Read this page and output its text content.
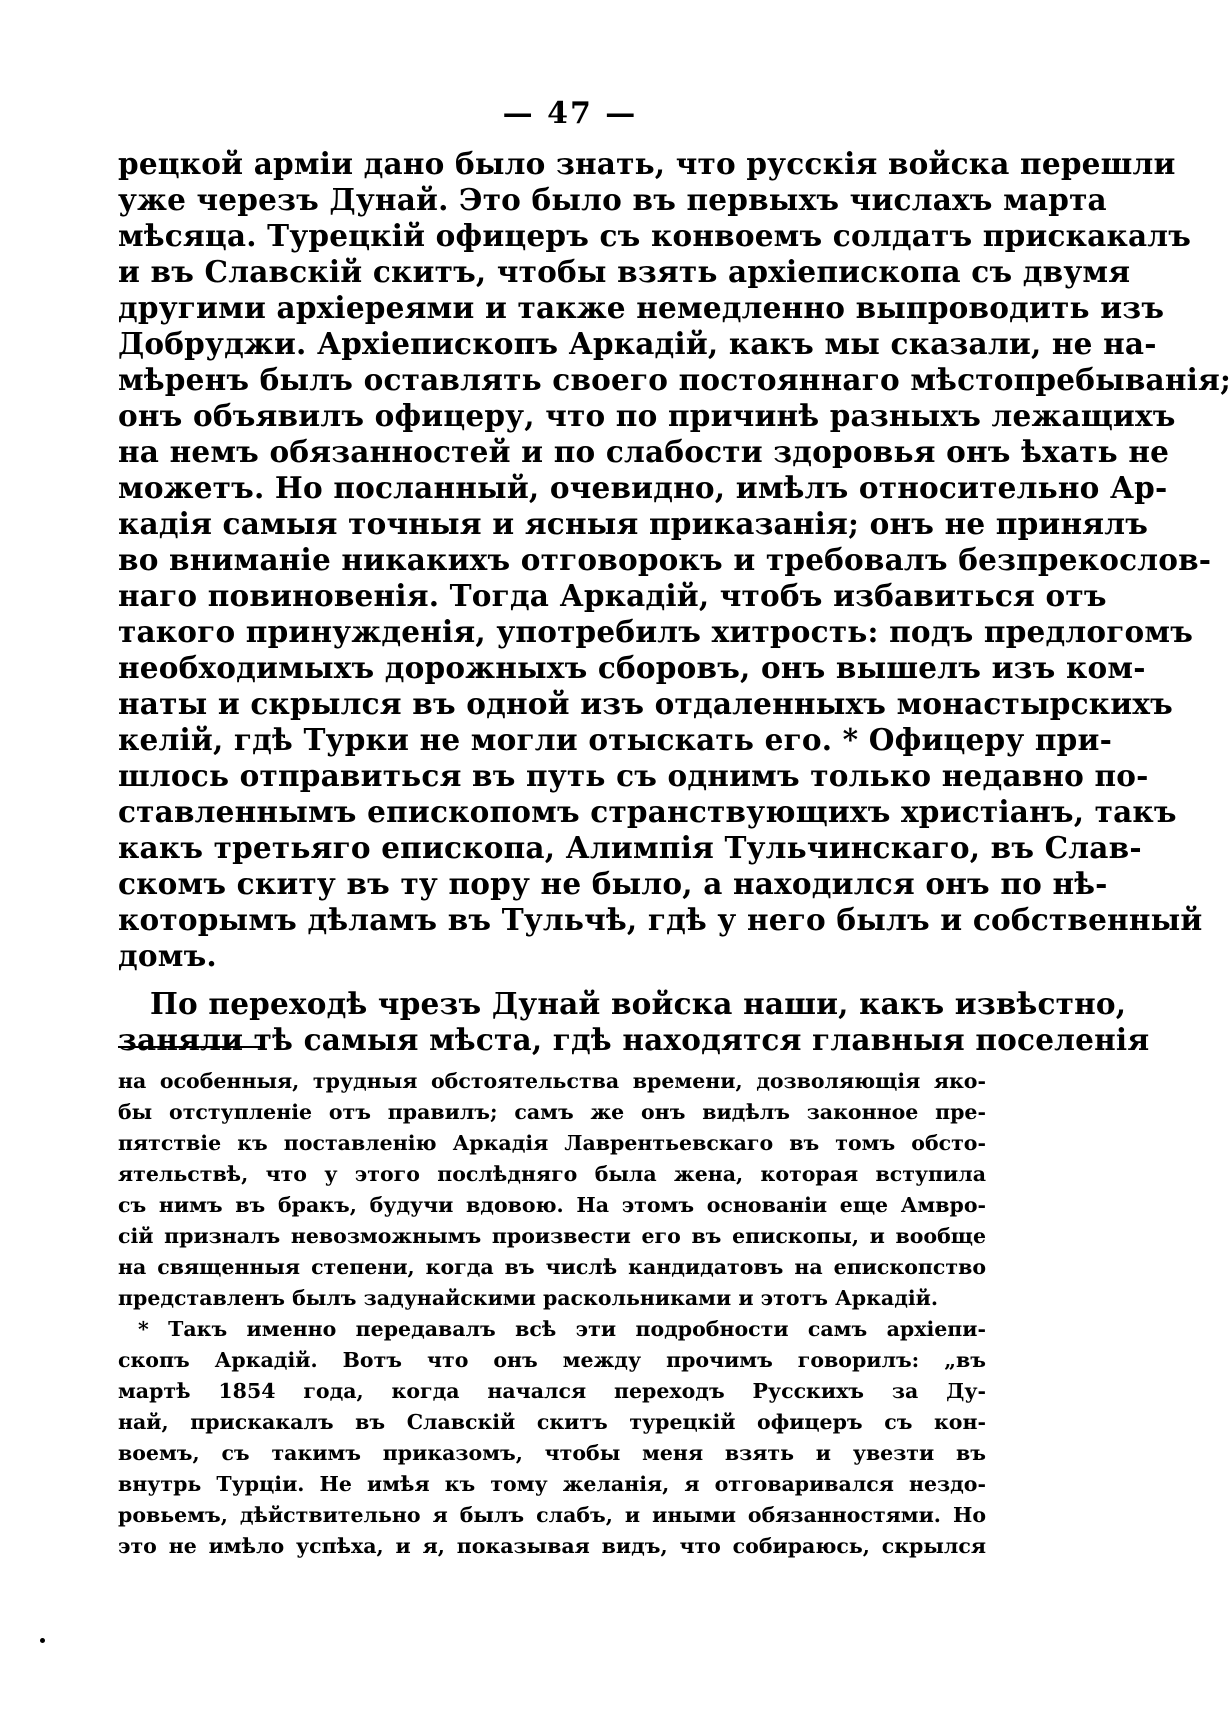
— 47 —
рецкой арміи дано было знать, что русскія войска перешли
уже черезъ Дунай. Это было въ первыхъ числахъ марта
мѣсяца. Турецкій офицеръ съ конвоемъ солдатъ прискакалъ
и въ Славскій скитъ, чтобы взять архіепископа съ двумя
другими архіереями и также немедленно выпроводить изъ
Добруджи. Архіепископъ Аркадій, какъ мы сказали, не на-
мѣренъ былъ оставлять своего постояннаго мѣстопребыванія;
онъ объявилъ офицеру, что по причинѣ разныхъ лежащихъ
на немъ обязанностей и по слабости здоровья онъ ѣхать не
можетъ. Но посланный, очевидно, имѣлъ относительно Ар-
кадія самыя точныя и ясныя приказанія; онъ не принялъ
во вниманіе никакихъ отговорокъ и требовалъ безпрекослов-
наго повиновенія. Тогда Аркадій, чтобъ избавиться отъ
такого принужденія, употребилъ хитрость: подъ предлогомъ
необходимыхъ дорожныхъ сборовъ, онъ вышелъ изъ ком-
наты и скрылся въ одной изъ отдаленныхъ монастырскихъ
келій, гдѣ Турки не могли отыскать его. * Офицеру при-
шлось отправиться въ путь съ однимъ только недавно по-
ставленнымъ епископомъ странствующихъ христіанъ, такъ
какъ третьяго епископа, Алимпія Тульчинскаго, въ Слав-
скомъ скиту въ ту пору не было, а находился онъ по нѣ-
которымъ дѣламъ въ Тульчѣ, гдѣ у него былъ и собственный
домъ.
По переходѣ чрезъ Дунай войска наши, какъ извѣстно,
заняли тѣ самыя мѣста, гдѣ находятся главныя поселенія
на особенныя, трудныя обстоятельства времени, дозволяющія яко-
бы отступленіе отъ правилъ; самъ же онъ видѣлъ законное пре-
пятствіе къ поставленію Аркадія Лаврентьевскаго въ томъ обсто-
ятельствѣ, что у этого послѣдняго была жена, которая вступила
съ нимъ въ бракъ, будучи вдовою. На этомъ основаніи еще Амвро-
сій призналъ невозможнымъ произвести его въ епископы, и вообще
на священныя степени, когда въ числѣ кандидатовъ на епископство
представленъ былъ задунайскими раскольниками и этотъ Аркадій.
* Такъ именно передавалъ всѣ эти подробности самъ архіепи-
скопъ Аркадій. Вотъ что онъ между прочимъ говорилъ: „въ
мартѣ 1854 года, когда начался переходъ Русскихъ за Ду-
най, прискакалъ въ Славскій скитъ турецкій офицеръ съ кон-
воемъ, съ такимъ приказомъ, чтобы меня взять и увезти въ
внутрь Турціи. Не имѣя къ тому желанія, я отговаривался нездо-
ровьемъ, дѣйствительно я былъ слабъ, и иными обязанностями. Но
это не имѣло успѣха, и я, показывая видъ, что собираюсь, скрылся
